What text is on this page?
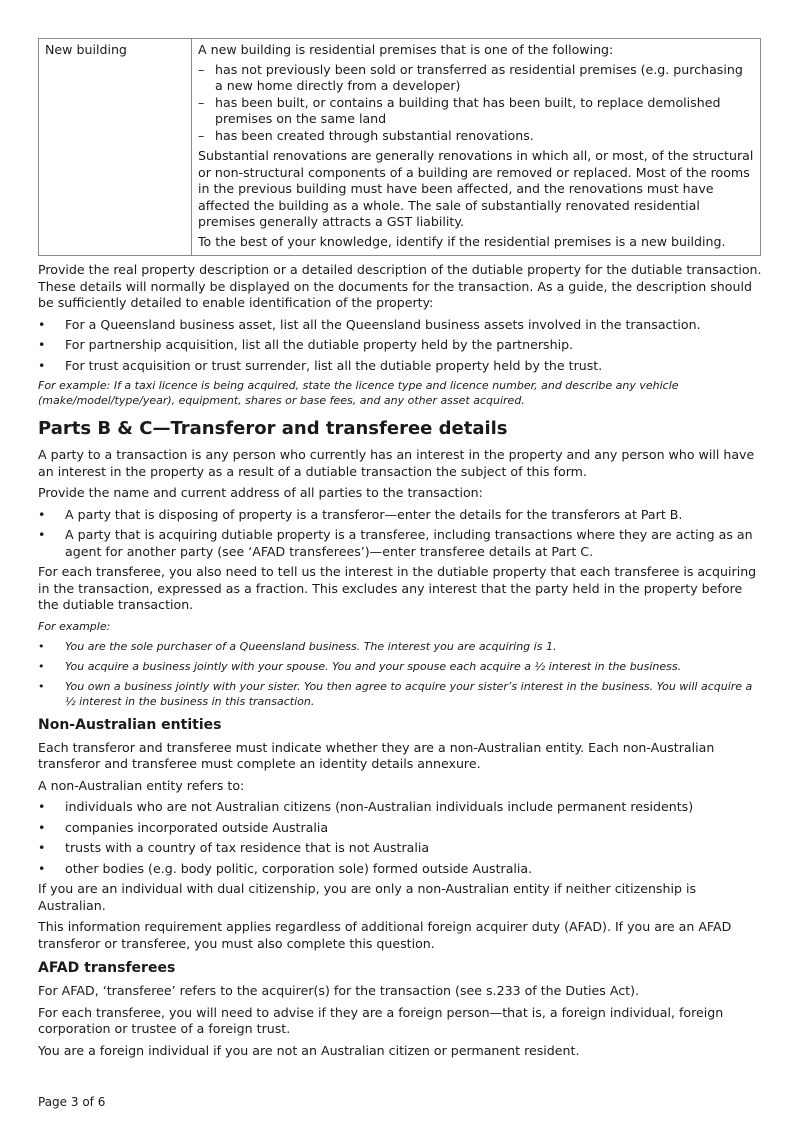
New building	A new building is residential premises that is one of the following:

– has not previously been sold or transferred as residential premises (e.g. purchasing a new home directly from a developer)
– has been built, or contains a building that has been built, to replace demolished premises on the same land
– has been created through substantial renovations.

Substantial renovations are generally renovations in which all, or most, of the structural or non-structural components of a building are removed or replaced. Most of the rooms in the previous building must have been affected, and the renovations must have affected the building as a whole. The sale of substantially renovated residential premises generally attracts a GST liability.

To the best of your knowledge, identify if the residential premises is a new building.

Provide the real property description or a detailed description of the dutiable property for the dutiable transaction. These details will normally be displayed on the documents for the transaction. As a guide, the description should be sufficiently detailed to enable identification of the property:

• For a Queensland business asset, list all the Queensland business assets involved in the transaction.
• For partnership acquisition, list all the dutiable property held by the partnership.
• For trust acquisition or trust surrender, list all the dutiable property held by the trust.

For example: If a taxi licence is being acquired, state the licence type and licence number, and describe any vehicle (make/model/type/year), equipment, shares or base fees, and any other asset acquired.

Parts B & C—Transferor and transferee details

A party to a transaction is any person who currently has an interest in the property and any person who will have an interest in the property as a result of a dutiable transaction the subject of this form.

Provide the name and current address of all parties to the transaction:

• A party that is disposing of property is a transferor—enter the details for the transferors at Part B.
• A party that is acquiring dutiable property is a transferee, including transactions where they are acting as an agent for another party (see ‘AFAD transferees’)—enter transferee details at Part C.

For each transferee, you also need to tell us the interest in the dutiable property that each transferee is acquiring in the transaction, expressed as a fraction. This excludes any interest that the party held in the property before the dutiable transaction.

For example:

• You are the sole purchaser of a Queensland business. The interest you are acquiring is 1.
• You acquire a business jointly with your spouse. You and your spouse each acquire a ½ interest in the business.
• You own a business jointly with your sister. You then agree to acquire your sister’s interest in the business. You will acquire a ½ interest in the business in this transaction.
Non-Australian entities

Each transferor and transferee must indicate whether they are a non-Australian entity. Each non-Australian transferor and transferee must complete an identity details annexure.

A non-Australian entity refers to:

• individuals who are not Australian citizens (non-Australian individuals include permanent residents)
• companies incorporated outside Australia
• trusts with a country of tax residence that is not Australia
• other bodies (e.g. body politic, corporation sole) formed outside Australia.

If you are an individual with dual citizenship, you are only a non-Australian entity if neither citizenship is Australian.

This information requirement applies regardless of additional foreign acquirer duty (AFAD). If you are an AFAD transferor or transferee, you must also complete this question.

AFAD transferees

For AFAD, ‘transferee’ refers to the acquirer(s) for the transaction (see s.233 of the Duties Act).

For each transferee, you will need to advise if they are a foreign person—that is, a foreign individual, foreign corporation or trustee of a foreign trust.

You are a foreign individual if you are not an Australian citizen or permanent resident.

Page 3 of 6
